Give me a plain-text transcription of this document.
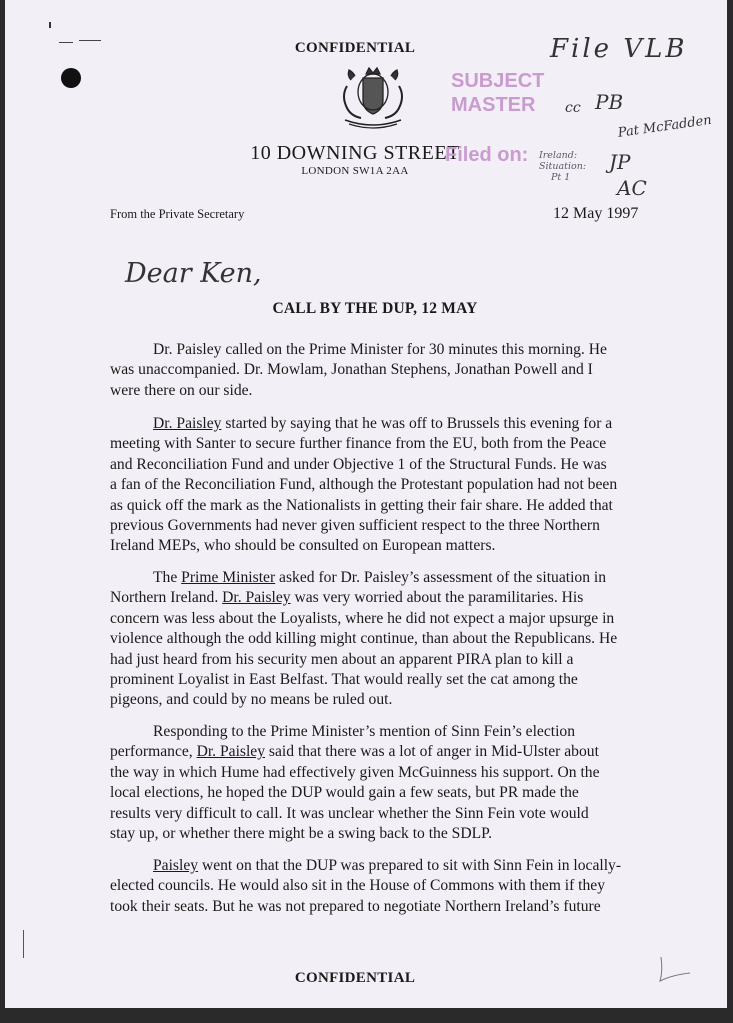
CONFIDENTIAL
10 DOWNING STREET
LONDON SW1A 2AA
SUBJECT
MASTER
Filed on: Ireland:
Situation:
Pt 1
File VLB
cc PB
Pat McFadden
JP
AC
From the Private Secretary	12 May 1997
Dear Ken,
CALL BY THE DUP, 12 MAY
Dr. Paisley called on the Prime Minister for 30 minutes this morning. He
was unaccompanied. Dr. Mowlam, Jonathan Stephens, Jonathan Powell and I
were there on our side.
Dr. Paisley started by saying that he was off to Brussels this evening for a
meeting with Santer to secure further finance from the EU, both from the Peace
and Reconciliation Fund and under Objective 1 of the Structural Funds. He was
a fan of the Reconciliation Fund, although the Protestant population had not been
as quick off the mark as the Nationalists in getting their fair share. He added that
previous Governments had never given sufficient respect to the three Northern
Ireland MEPs, who should be consulted on European matters.
The Prime Minister asked for Dr. Paisley’s assessment of the situation in
Northern Ireland. Dr. Paisley was very worried about the paramilitaries. His
concern was less about the Loyalists, where he did not expect a major upsurge in
violence although the odd killing might continue, than about the Republicans. He
had just heard from his security men about an apparent PIRA plan to kill a
prominent Loyalist in East Belfast. That would really set the cat among the
pigeons, and could by no means be ruled out.
Responding to the Prime Minister’s mention of Sinn Fein’s election
performance, Dr. Paisley said that there was a lot of anger in Mid-Ulster about
the way in which Hume had effectively given McGuinness his support. On the
local elections, he hoped the DUP would gain a few seats, but PR made the
results very difficult to call. It was unclear whether the Sinn Fein vote would
stay up, or whether there might be a swing back to the SDLP.
Paisley went on that the DUP was prepared to sit with Sinn Fein in locally-
elected councils. He would also sit in the House of Commons with them if they
took their seats. But he was not prepared to negotiate Northern Ireland’s future
CONFIDENTIAL
